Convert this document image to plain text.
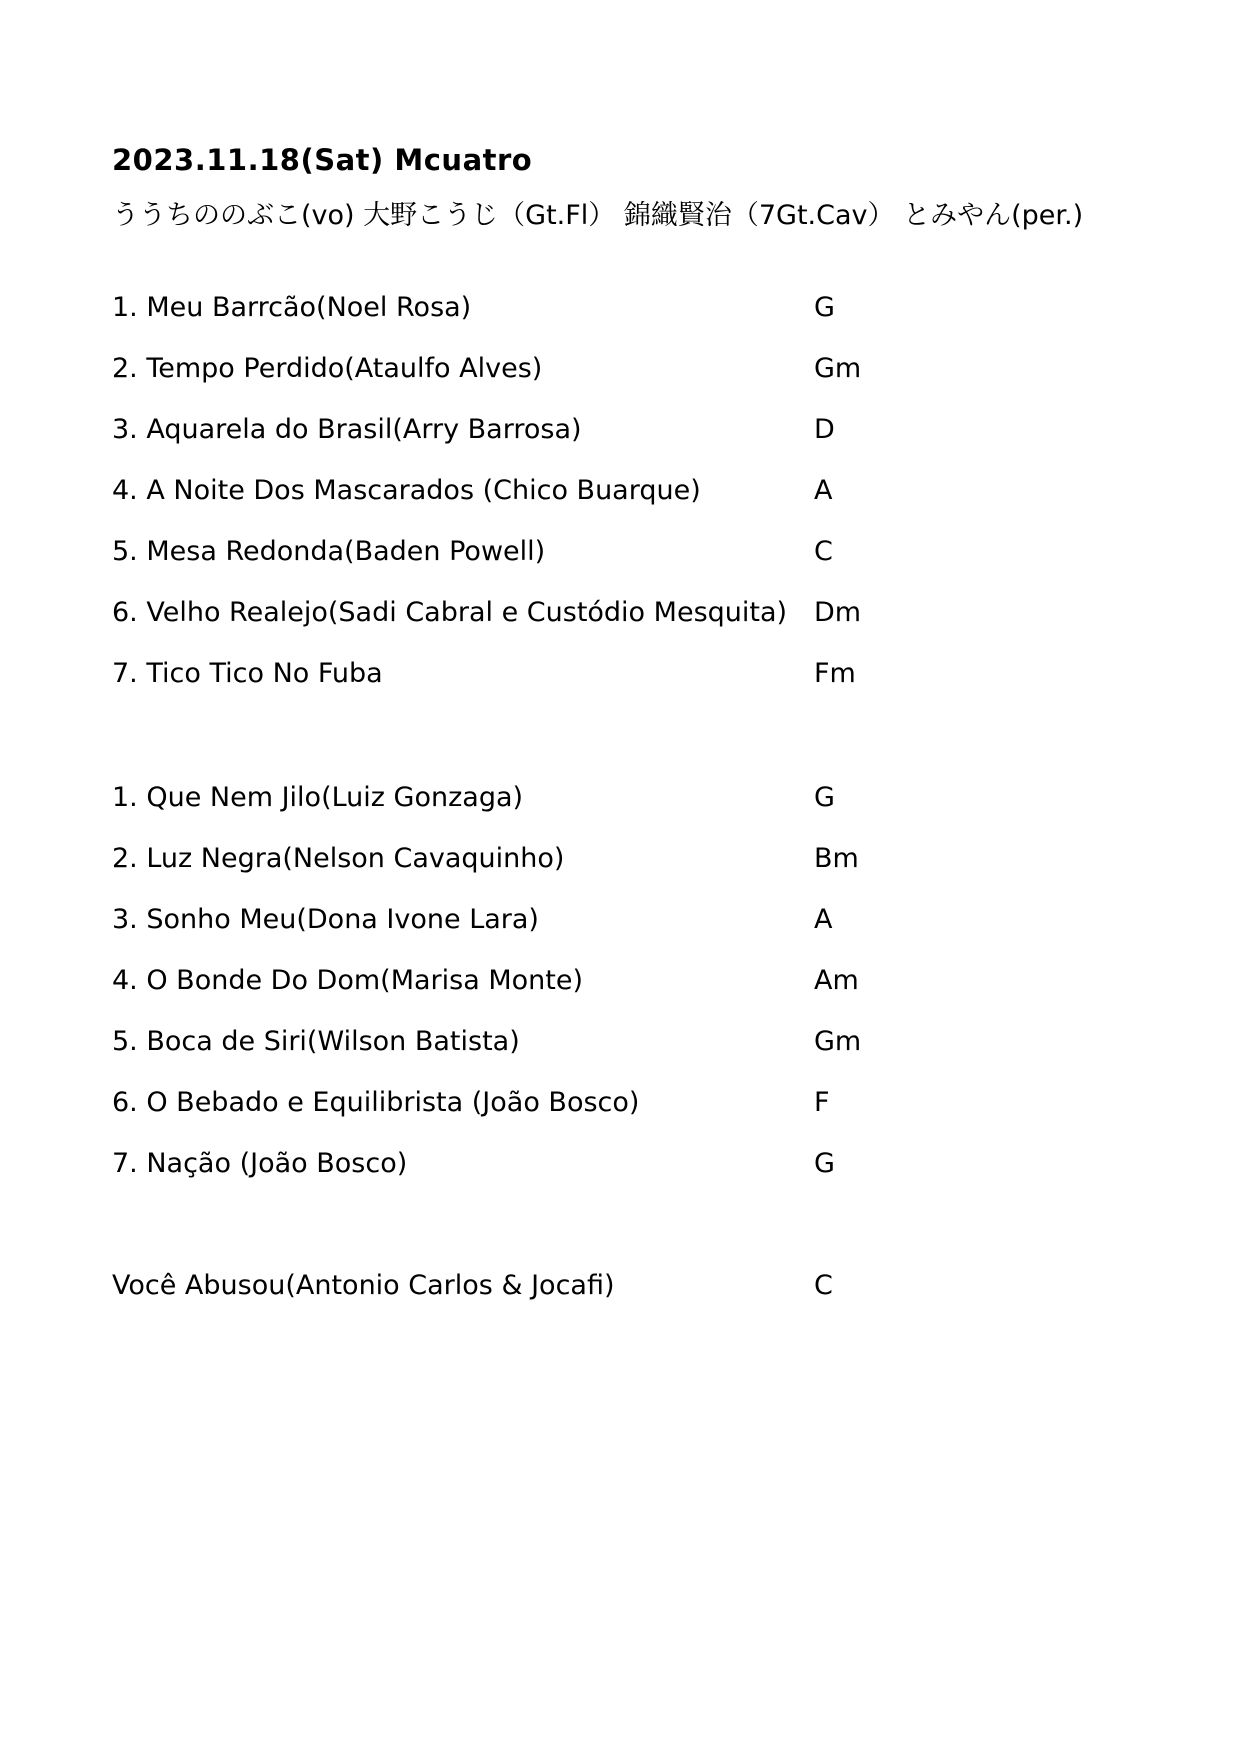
2023.11.18(Sat) Mcuatro
ううちののぶこ(vo) 大野こうじ（Gt.Fl） 錦織賢治（7Gt.Cav） とみやん(per.)
1. Meu Barrcão(Noel Rosa)	G
2. Tempo Perdido(Ataulfo Alves)	Gm
3. Aquarela do Brasil(Arry Barrosa)	D
4. A Noite Dos Mascarados (Chico Buarque)	A
5. Mesa Redonda(Baden Powell)	C
6. Velho Realejo(Sadi Cabral e Custódio Mesquita) Dm
7. Tico Tico No Fuba	Fm
1. Que Nem Jilo(Luiz Gonzaga)	G
2. Luz Negra(Nelson Cavaquinho)	Bm
3. Sonho Meu(Dona Ivone Lara)	A
4. O Bonde Do Dom(Marisa Monte)	Am
5. Boca de Siri(Wilson Batista)	Gm
6. O Bebado e Equilibrista (João Bosco)	F
7. Nação (João Bosco)	G
Você Abusou(Antonio Carlos & Jocafi)	C
